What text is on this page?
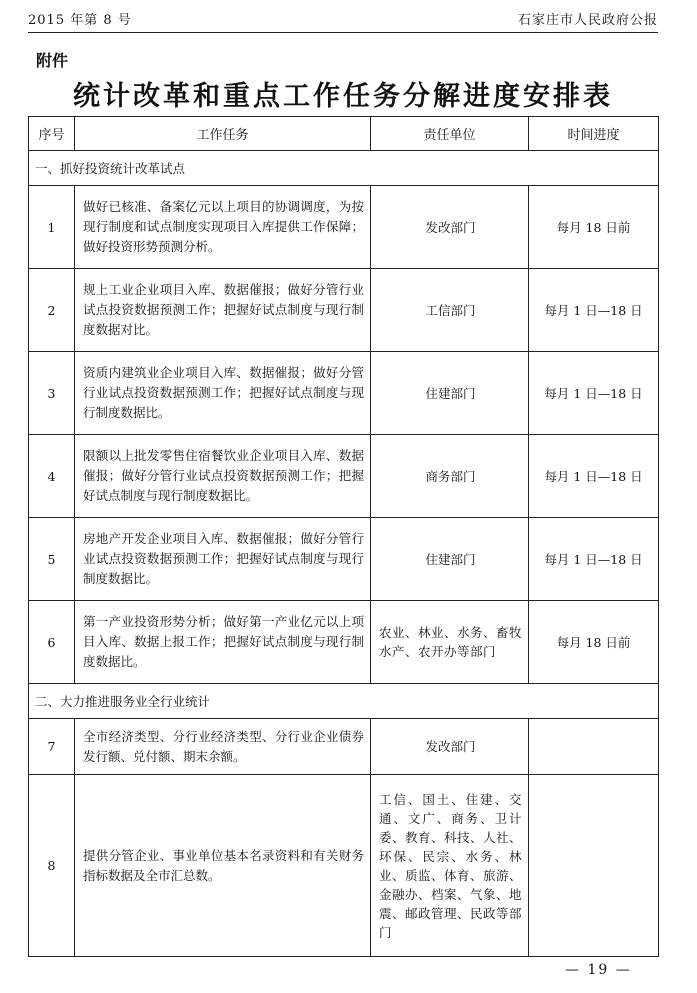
2015 年第 8 号	石家庄市人民政府公报
附件
统计改革和重点工作任务分解进度安排表
序号	工作任务	责任单位	时间进度
一、抓好投资统计改革试点			
1	做好已核准、备案亿元以上项目的协调调度，为按现行制度和试点制度实现项目入库提供工作保障；做好投资形势预测分析。	发改部门	每月 18 日前
2	规上工业企业项目入库、数据催报；做好分管行业试点投资数据预测工作；把握好试点制度与现行制度数据对比。	工信部门	每月 1 日—18 日
3	资质内建筑业企业项目入库、数据催报；做好分管行业试点投资数据预测工作；把握好试点制度与现行制度数据比。	住建部门	每月 1 日—18 日
4	限额以上批发零售住宿餐饮业企业项目入库、数据催报；做好分管行业试点投资数据预测工作；把握好试点制度与现行制度数据比。	商务部门	每月 1 日—18 日
5	房地产开发企业项目入库、数据催报；做好分管行业试点投资数据预测工作；把握好试点制度与现行制度数据比。	住建部门	每月 1 日—18 日
6	第一产业投资形势分析；做好第一产业亿元以上项目入库、数据上报工作；把握好试点制度与现行制度数据比。	农业、林业、水务、畜牧水产、农开办等部门	每月 18 日前
二、大力推进服务业全行业统计			
7	全市经济类型、分行业经济类型、分行业企业债券发行额、兑付额、期末余额。	发改部门	
8	提供分管企业、事业单位基本名录资料和有关财务指标数据及全市汇总数。	工信、国土、住建、交通、文广、商务、卫计委、教育、科技、人社、环保、民宗、水务、林业、质监、体育、旅游、金融办、档案、气象、地震、邮政管理、民政等部门	
— 19 —
